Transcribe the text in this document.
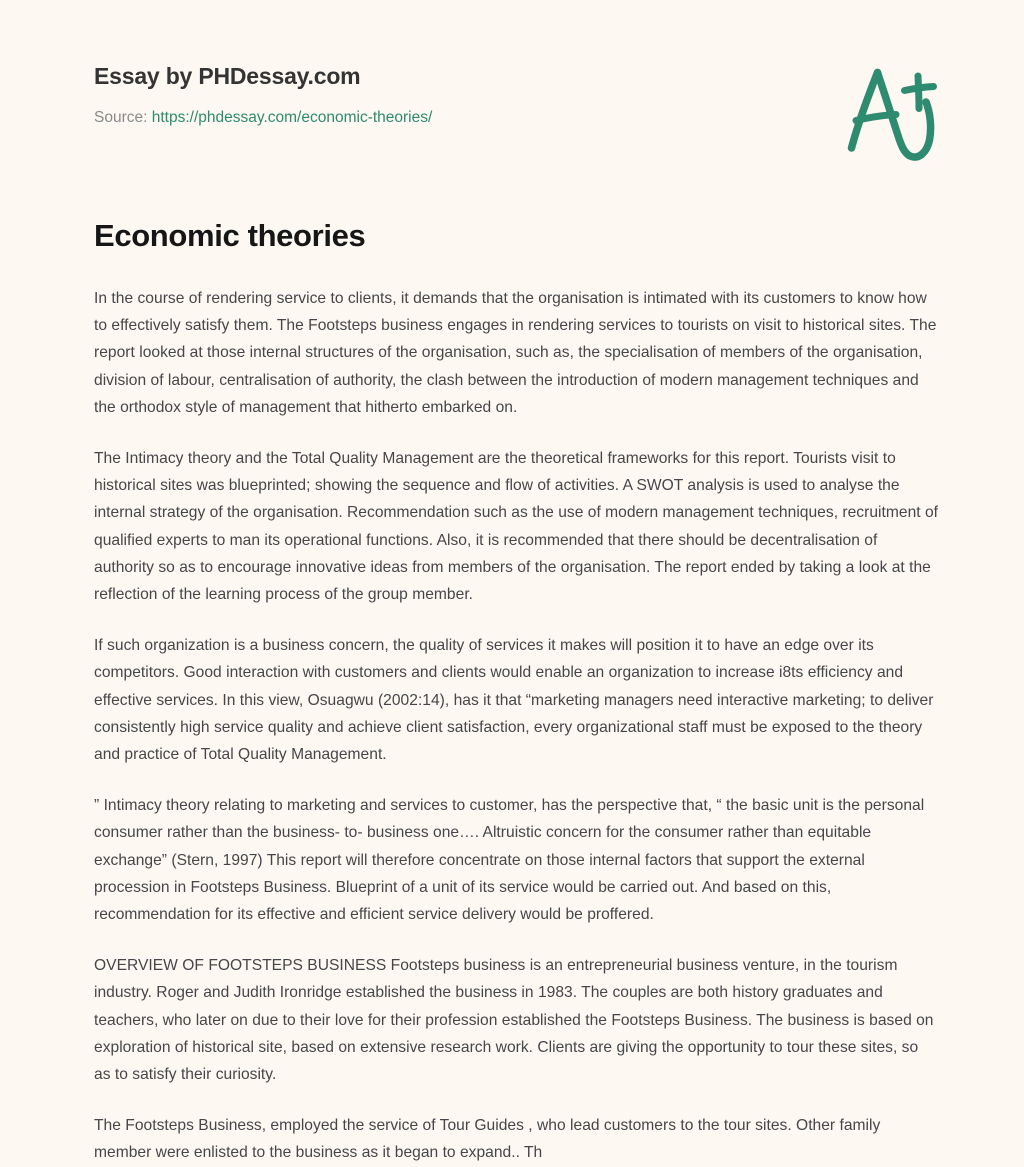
Essay by PHDessay.com
Source: https://phdessay.com/economic-theories/
Economic theories

In the course of rendering service to clients, it demands that the organisation is intimated with its customers to know how to effectively satisfy them. The Footsteps business engages in rendering services to tourists on visit to historical sites. The report looked at those internal structures of the organisation, such as, the specialisation of members of the organisation, division of labour, centralisation of authority, the clash between the introduction of modern management techniques and the orthodox style of management that hitherto embarked on.

The Intimacy theory and the Total Quality Management are the theoretical frameworks for this report. Tourists visit to historical sites was blueprinted; showing the sequence and flow of activities. A SWOT analysis is used to analyse the internal strategy of the organisation. Recommendation such as the use of modern management techniques, recruitment of qualified experts to man its operational functions. Also, it is recommended that there should be decentralisation of authority so as to encourage innovative ideas from members of the organisation. The report ended by taking a look at the reflection of the learning process of the group member.

If such organization is a business concern, the quality of services it makes will position it to have an edge over its competitors. Good interaction with customers and clients would enable an organization to increase i8ts efficiency and effective services. In this view, Osuagwu (2002:14), has it that “marketing managers need interactive marketing; to deliver consistently high service quality and achieve client satisfaction, every organizational staff must be exposed to the theory and practice of Total Quality Management.

” Intimacy theory relating to marketing and services to customer, has the perspective that, “ the basic unit is the personal consumer rather than the business- to- business one…. Altruistic concern for the consumer rather than equitable exchange” (Stern, 1997) This report will therefore concentrate on those internal factors that support the external procession in Footsteps Business. Blueprint of a unit of its service would be carried out. And based on this, recommendation for its effective and efficient service delivery would be proffered.

OVERVIEW OF FOOTSTEPS BUSINESS Footsteps business is an entrepreneurial business venture, in the tourism industry. Roger and Judith Ironridge established the business in 1983. The couples are both history graduates and teachers, who later on due to their love for their profession established the Footsteps Business. The business is based on exploration of historical site, based on extensive research work. Clients are giving the opportunity to tour these sites, so as to satisfy their curiosity.

The Footsteps Business, employed the service of Tour Guides , who lead customers to the tour sites. Other family member were enlisted to the business as it began to expand.. Th
